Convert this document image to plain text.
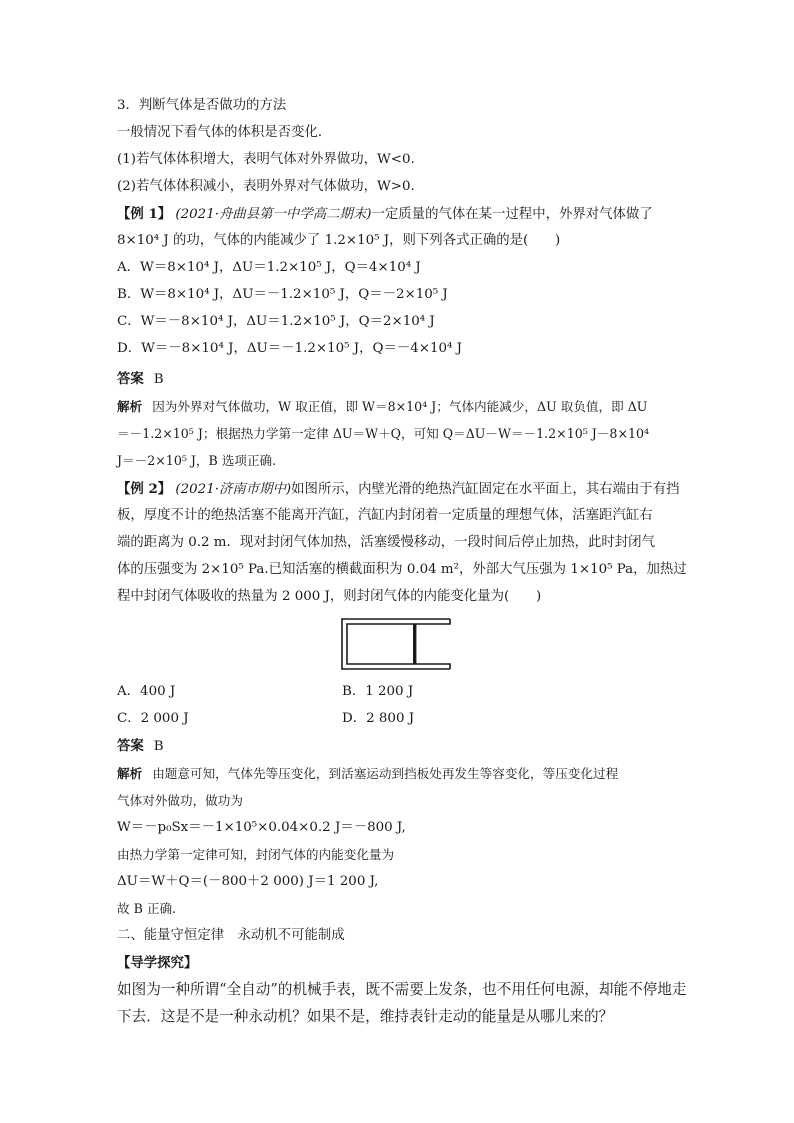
3．判断气体是否做功的方法
一般情况下看气体的体积是否变化．
(1)若气体体积增大，表明气体对外界做功，W<0.
(2)若气体体积减小，表明外界对气体做功，W>0.
【例 1】 (2021·舟曲县第一中学高二期末)一定质量的气体在某一过程中，外界对气体做了
8×10⁴ J 的功，气体的内能减少了 1.2×10⁵ J，则下列各式正确的是(　　)
A．W＝8×10⁴ J，ΔU＝1.2×10⁵ J，Q＝4×10⁴ J
B．W＝8×10⁴ J，ΔU＝－1.2×10⁵ J，Q＝－2×10⁵ J
C．W＝－8×10⁴ J，ΔU＝1.2×10⁵ J，Q＝2×10⁴ J
D．W＝－8×10⁴ J，ΔU＝－1.2×10⁵ J，Q＝－4×10⁴ J
答案 B
解析 因为外界对气体做功，W 取正值，即 W＝8×10⁴ J；气体内能减少，ΔU 取负值，即 ΔU
＝－1.2×10⁵ J；根据热力学第一定律 ΔU＝W＋Q，可知 Q＝ΔU－W＝－1.2×10⁵ J－8×10⁴
J＝－2×10⁵ J，B 选项正确.
【例 2】 (2021·济南市期中)如图所示，内壁光滑的绝热汽缸固定在水平面上，其右端由于有挡
板，厚度不计的绝热活塞不能离开汽缸，汽缸内封闭着一定质量的理想气体，活塞距汽缸右
端的距离为 0.2 m．现对封闭气体加热，活塞缓慢移动，一段时间后停止加热，此时封闭气
体的压强变为 2×10⁵ Pa.已知活塞的横截面积为 0.04 m²，外部大气压强为 1×10⁵ Pa，加热过
程中封闭气体吸收的热量为 2 000 J，则封闭气体的内能变化量为(　　)
A．400 J	B．1 200 J
C．2 000 J	D．2 800 J
答案 B
解析 由题意可知，气体先等压变化，到活塞运动到挡板处再发生等容变化，等压变化过程
气体对外做功，做功为
W＝－p₀Sx＝－1×10⁵×0.04×0.2 J＝－800 J,
由热力学第一定律可知，封闭气体的内能变化量为
ΔU＝W＋Q＝(－800＋2 000) J＝1 200 J,
故 B 正确.
二、能量守恒定律　永动机不可能制成
【导学探究】
如图为一种所谓“全自动”的机械手表，既不需要上发条，也不用任何电源，却能不停地走
下去．这是不是一种永动机？如果不是，维持表针走动的能量是从哪儿来的？
